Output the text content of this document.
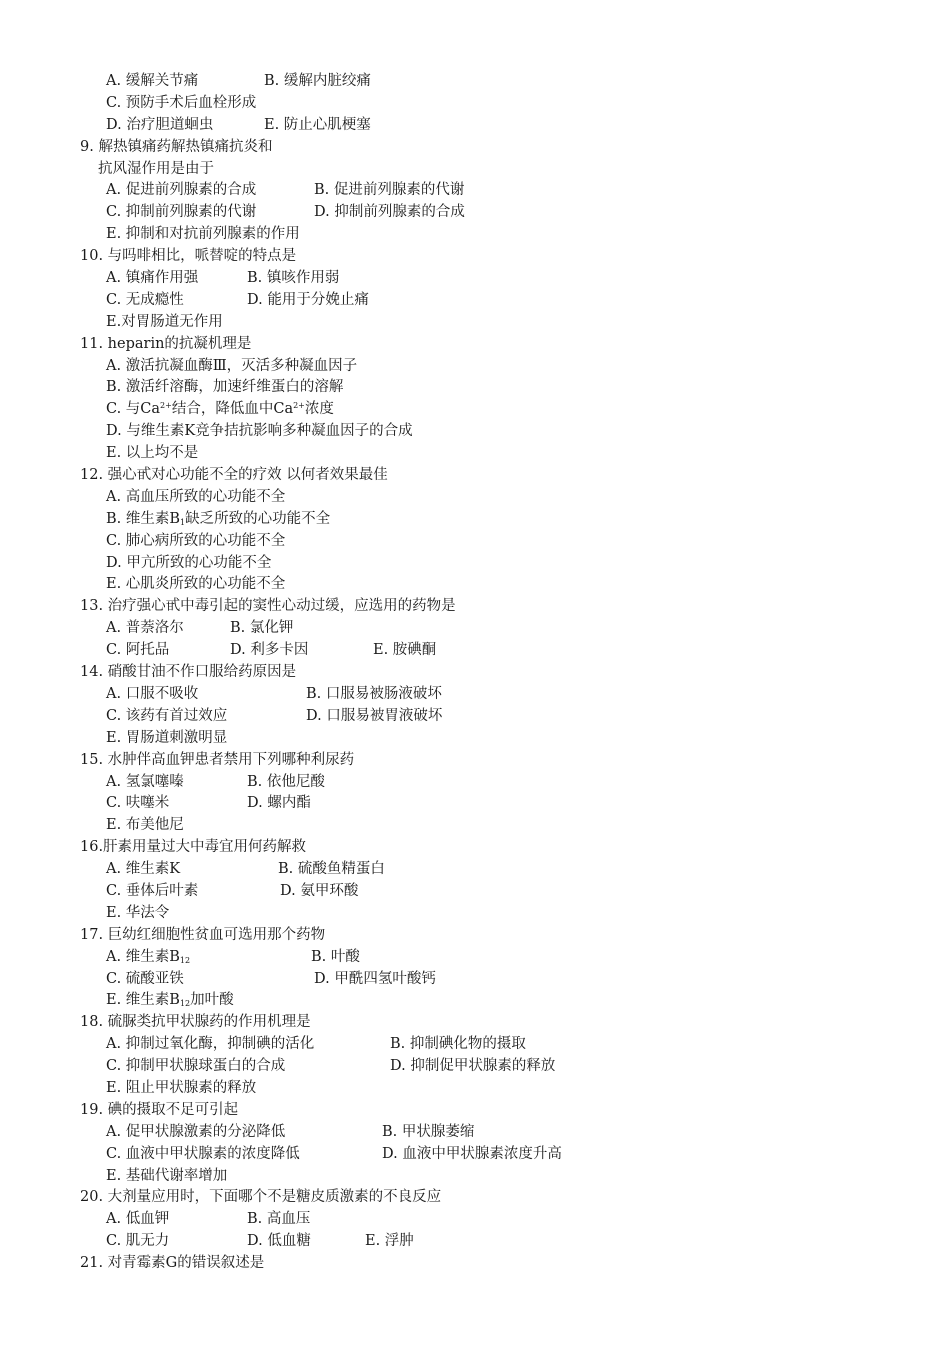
A. 缓解关节痛	B. 缓解内脏绞痛
C. 预防手术后血栓形成
D. 治疗胆道蛔虫	E. 防止心肌梗塞
9. 解热镇痛药解热镇痛抗炎和
抗风湿作用是由于
A. 促进前列腺素的合成	B. 促进前列腺素的代谢
C. 抑制前列腺素的代谢	D. 抑制前列腺素的合成
E. 抑制和对抗前列腺素的作用
10. 与吗啡相比，哌替啶的特点是
A. 镇痛作用强	B. 镇咳作用弱
C. 无成瘾性	D. 能用于分娩止痛
E.对胃肠道无作用
11. heparin的抗凝机理是
A. 激活抗凝血酶Ⅲ，灭活多种凝血因子
B. 激活纤溶酶，加速纤维蛋白的溶解
C. 与$Ca^{2+}$结合，降低血中$Ca^{2+}$浓度
D. 与维生素K竞争拮抗影响多种凝血因子的合成
E. 以上均不是
12. 强心甙对心功能不全的疗效 以何者效果最佳
A. 高血压所致的心功能不全
B. 维生素$B_1$缺乏所致的心功能不全
C. 肺心病所致的心功能不全
D. 甲亢所致的心功能不全
E. 心肌炎所致的心功能不全
13. 治疗强心甙中毒引起的窦性心动过缓，应选用的药物是
A. 普萘洛尔	B. 氯化钾
C. 阿托品	D. 利多卡因	E. 胺碘酮
14. 硝酸甘油不作口服给药原因是
A. 口服不吸收	B. 口服易被肠液破坏
C. 该药有首过效应	D. 口服易被胃液破坏
E. 胃肠道刺激明显
15. 水肿伴高血钾患者禁用下列哪种利尿药
A. 氢氯噻嗪	B. 依他尼酸
C. 呋噻米	D. 螺内酯
E. 布美他尼
16.肝素用量过大中毒宜用何药解救
A. 维生素K	B. 硫酸鱼精蛋白
C. 垂体后叶素	D. 氨甲环酸
E. 华法令
17. 巨幼红细胞性贫血可选用那个药物
A. 维生素$B_{12}$	B. 叶酸
C. 硫酸亚铁	D. 甲酰四氢叶酸钙
E. 维生素$B_{12}$加叶酸
18. 硫脲类抗甲状腺药的作用机理是
A. 抑制过氧化酶，抑制碘的活化	B. 抑制碘化物的摄取
C. 抑制甲状腺球蛋白的合成	D. 抑制促甲状腺素的释放
E. 阻止甲状腺素的释放
19. 碘的摄取不足可引起
A. 促甲状腺激素的分泌降低	B. 甲状腺萎缩
C. 血液中甲状腺素的浓度降低	D. 血液中甲状腺素浓度升高
E. 基础代谢率增加
20. 大剂量应用时，下面哪个不是糖皮质激素的不良反应
A. 低血钾	B. 高血压
C. 肌无力	D. 低血糖	E. 浮肿
21. 对青霉素G的错误叙述是
